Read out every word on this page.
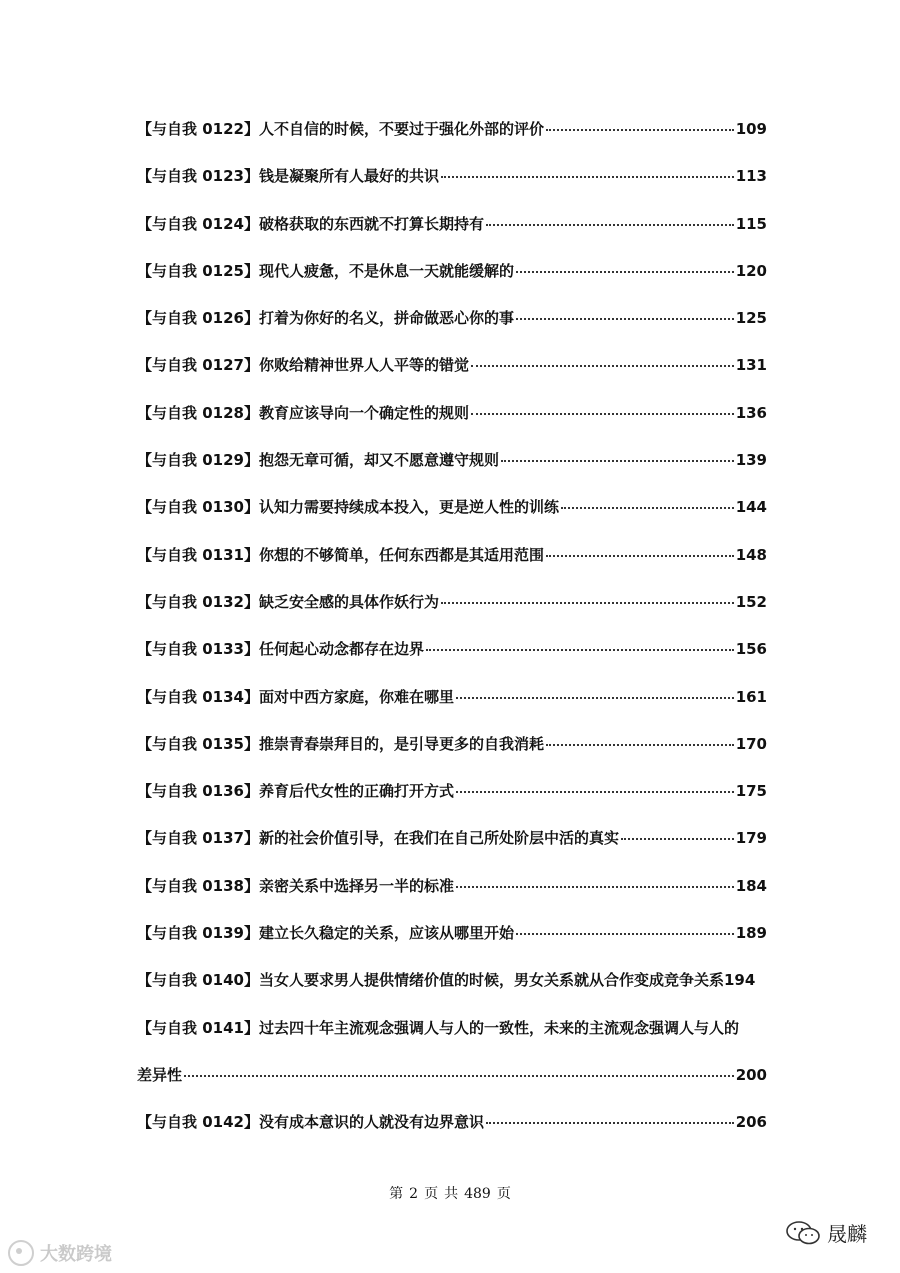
【与自我 0122】 人不自信的时候，不要过于强化外部的评价	109
【与自我 0123】 钱是凝聚所有人最好的共识	113
【与自我 0124】 破格获取的东西就不打算长期持有	115
【与自我 0125】 现代人疲惫，不是休息一天就能缓解的	120
【与自我 0126】 打着为你好的名义，拼命做恶心你的事	125
【与自我 0127】 你败给精神世界人人平等的错觉	131
【与自我 0128】 教育应该导向一个确定性的规则	136
【与自我 0129】 抱怨无章可循，却又不愿意遵守规则	139
【与自我 0130】 认知力需要持续成本投入，更是逆人性的训练	144
【与自我 0131】 你想的不够简单，任何东西都是其适用范围	148
【与自我 0132】 缺乏安全感的具体作妖行为	152
【与自我 0133】 任何起心动念都存在边界	156
【与自我 0134】 面对中西方家庭，你难在哪里	161
【与自我 0135】 推崇青春崇拜目的，是引导更多的自我消耗	170
【与自我 0136】 养育后代女性的正确打开方式	175
【与自我 0137】 新的社会价值引导，在我们在自己所处阶层中活的真实	179
【与自我 0138】 亲密关系中选择另一半的标准	184
【与自我 0139】 建立长久稳定的关系，应该从哪里开始	189
【与自我 0140】 当女人要求男人提供情绪价值的时候，男女关系就从合作变成竞争关系 194
【与自我 0141】 过去四十年主流观念强调人与人的一致性，未来的主流观念强调人与人的
差异性	200
【与自我 0142】 没有成本意识的人就没有边界意识	206
第 2 页 共 489 页
大数跨境
晟麟
